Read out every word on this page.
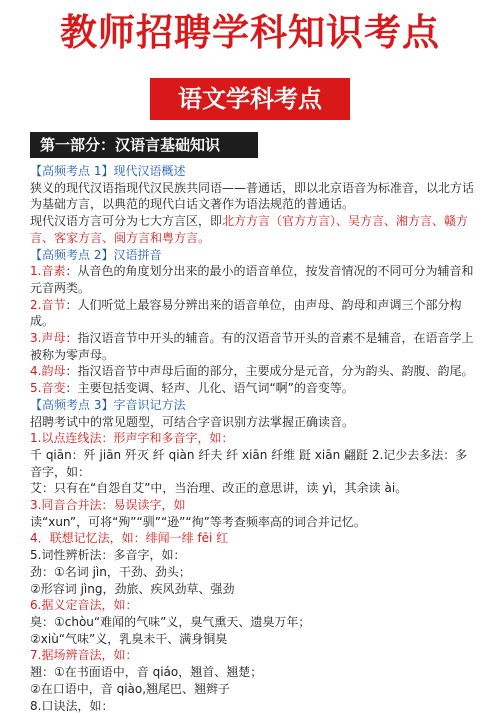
教师招聘学科知识考点
语文学科考点
第一部分：汉语言基础知识

【高频考点 1】现代汉语概述

狭义的现代汉语指现代汉民族共同语——普通话，即以北京语音为标准音，以北方话为基础方言，以典范的现代白话文著作为语法规范的普通话。

现代汉语方言可分为七大方言区，即北方方言（官方方言）、吴方言、湘方言、赣方言、客家方言、闽方言和粤方言。

【高频考点 2】汉语拼音

1.音素：从音色的角度划分出来的最小的语音单位，按发音情况的不同可分为辅音和元音两类。

2.音节：人们听觉上最容易分辨出来的语音单位，由声母、韵母和声调三个部分构成。

3.声母：指汉语音节中开头的辅音。有的汉语音节开头的音素不是辅音，在语音学上被称为零声母。

4.韵母：指汉语音节中声母后面的部分，主要成分是元音，分为韵头、韵腹、韵尾。

5.音变：主要包括变调、轻声、儿化、语气词“啊”的音变等。

【高频考点 3】字音识记方法

招聘考试中的常见题型，可结合字音识别方法掌握正确读音。

1.以点连线法：形声字和多音字，如：

千 qiān：歼 jiān 歼灭 纤 qiàn 纤夫 纤 xiān 纤维 跹 xiān 翩跹 2.记少去多法：多音字，如：

艾：只有在“自怨自艾”中，当治理、改正的意思讲，读 yì，其余读 ài。

3.同音合并法：易误读字，如

读“xun”，可将“殉”“驯”“逊”“徇”等考查频率高的词合并记忆。

4．联想记忆法，如：绯闻一绯 fēi 红

5.词性辨析法：多音字，如：

劲：①名词 jìn，干劲、劲头；

②形容词 jìng，劲旅、疾风劲草、强劲

6.据义定音法，如：

臭：①chòu“难闻的气味”义，臭气熏天、遗臭万年；

②xiù“气味”义，乳臭未干、满身铜臭

7.据场辨音法，如：

翘：①在书面语中，音 qiáo，翘首、翘楚；

②在口语中，音 qiào,翘尾巴、翘辫子

8.口诀法，如：
